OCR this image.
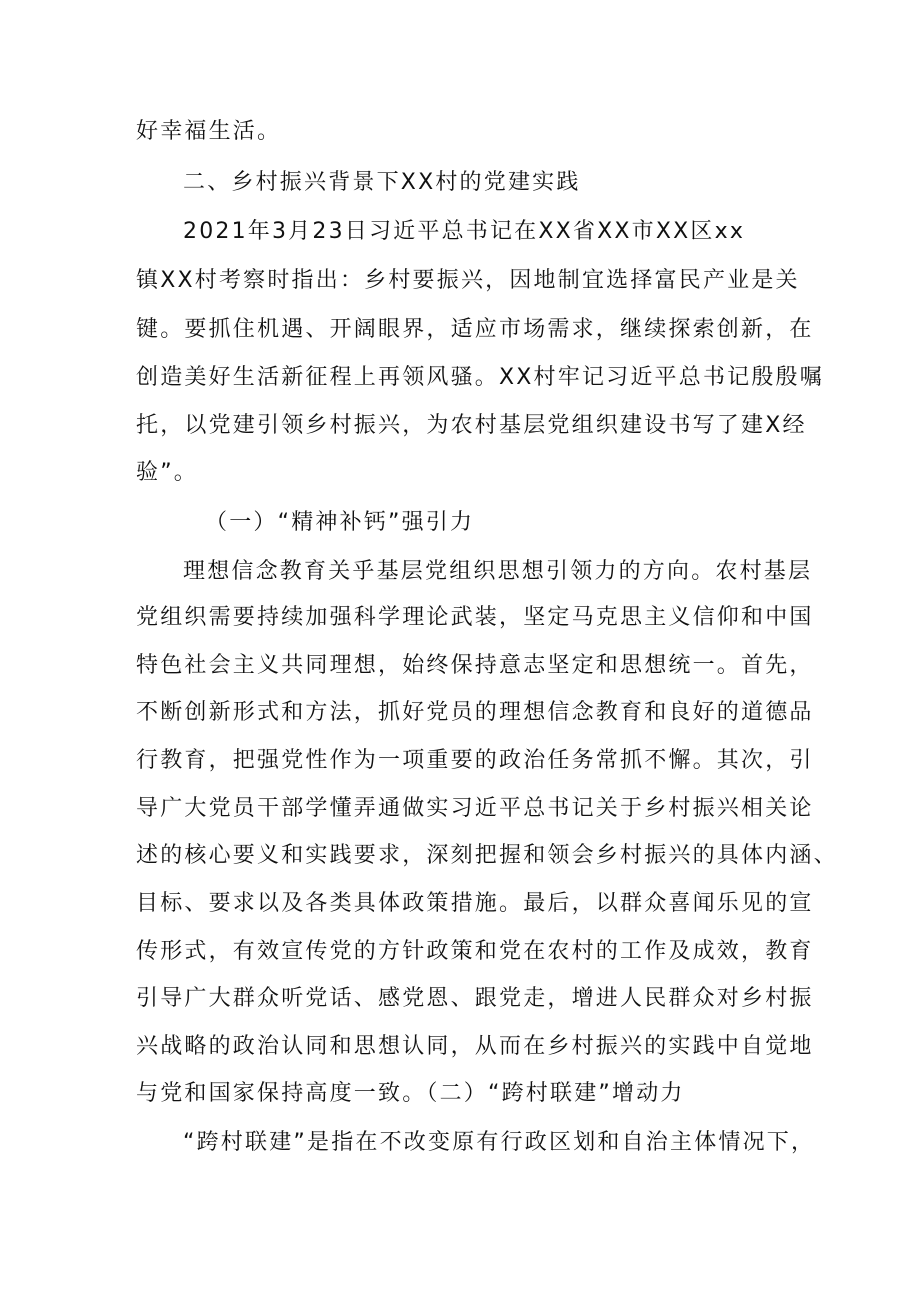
好幸福生活。
二、乡村振兴背景下XX村的党建实践
2021年3月23日习近平总书记在XX省XX市XX区xx
镇XX村考察时指出：乡村要振兴，因地制宜选择富民产业是关
键。要抓住机遇、开阔眼界，适应市场需求，继续探索创新，在
创造美好生活新征程上再领风骚。XX村牢记习近平总书记殷殷嘱
托，以党建引领乡村振兴，为农村基层党组织建设书写了建X经
验”。
（一）“精神补钙”强引力
理想信念教育关乎基层党组织思想引领力的方向。农村基层
党组织需要持续加强科学理论武装，坚定马克思主义信仰和中国
特色社会主义共同理想，始终保持意志坚定和思想统一。首先，
不断创新形式和方法，抓好党员的理想信念教育和良好的道德品
行教育，把强党性作为一项重要的政治任务常抓不懈。其次，引
导广大党员干部学懂弄通做实习近平总书记关于乡村振兴相关论
述的核心要义和实践要求，深刻把握和领会乡村振兴的具体内涵、
目标、要求以及各类具体政策措施。最后，以群众喜闻乐见的宣
传形式，有效宣传党的方针政策和党在农村的工作及成效，教育
引导广大群众听党话、感党恩、跟党走，增进人民群众对乡村振
兴战略的政治认同和思想认同，从而在乡村振兴的实践中自觉地
与党和国家保持高度一致。（二）“跨村联建”增动力
“跨村联建”是指在不改变原有行政区划和自治主体情况下，
